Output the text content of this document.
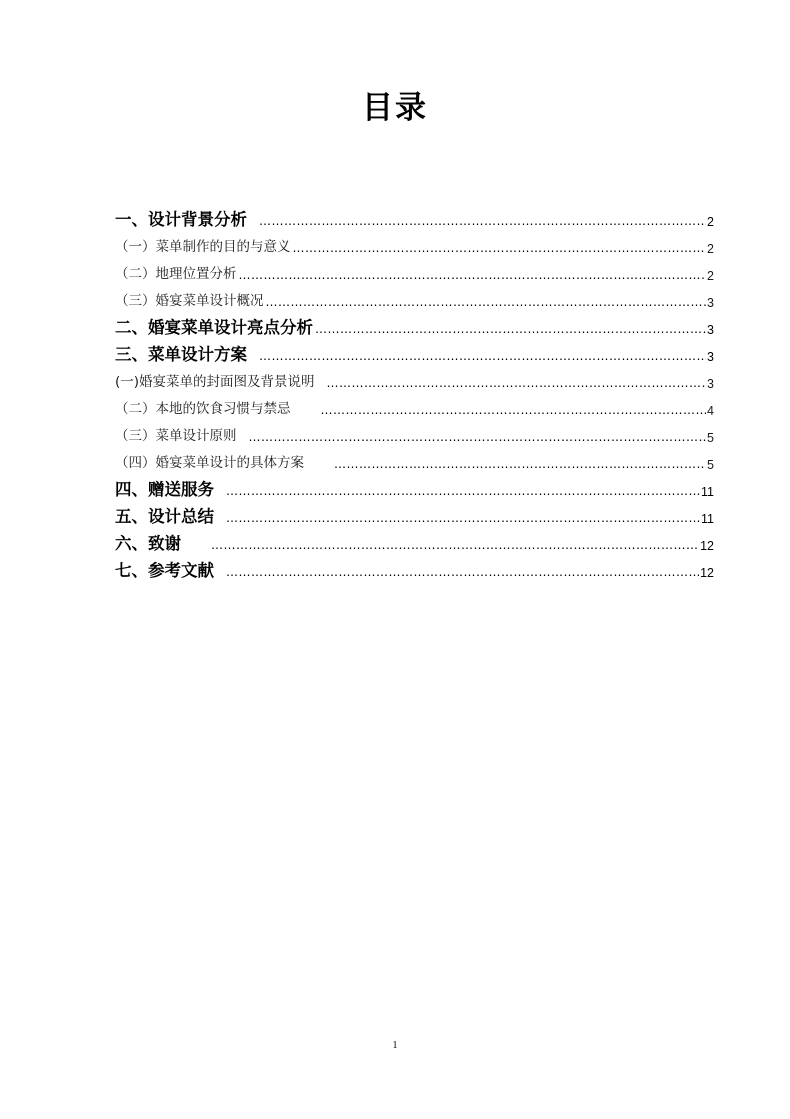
目录
一、设计背景分析 …………………………………………………………………………………………………………………………………………………………………………………………	2
（一）菜单制作的目的与意义 …………………………………………………………………………………………………………………………………………………………………………………………	2
（二）地理位置分析 …………………………………………………………………………………………………………………………………………………………………………………………	2
（三）婚宴菜单设计概况 …………………………………………………………………………………………………………………………………………………………………………………………	3
二、婚宴菜单设计亮点分析 …………………………………………………………………………………………………………………………………………………………………………………………	3
三、菜单设计方案 …………………………………………………………………………………………………………………………………………………………………………………………	3
(一)婚宴菜单的封面图及背景说明 …………………………………………………………………………………………………………………………………………………………………………………………	3
（二）本地的饮食习惯与禁忌 …………………………………………………………………………………………………………………………………………………………………………………………	4
（三）菜单设计原则 …………………………………………………………………………………………………………………………………………………………………………………………	5
（四）婚宴菜单设计的具体方案 …………………………………………………………………………………………………………………………………………………………………………………………	5
四、赠送服务 …………………………………………………………………………………………………………………………………………………………………………………………	11
五、设计总结 …………………………………………………………………………………………………………………………………………………………………………………………	11
六、致谢 …………………………………………………………………………………………………………………………………………………………………………………………	12
七、参考文献 …………………………………………………………………………………………………………………………………………………………………………………………	12
1
